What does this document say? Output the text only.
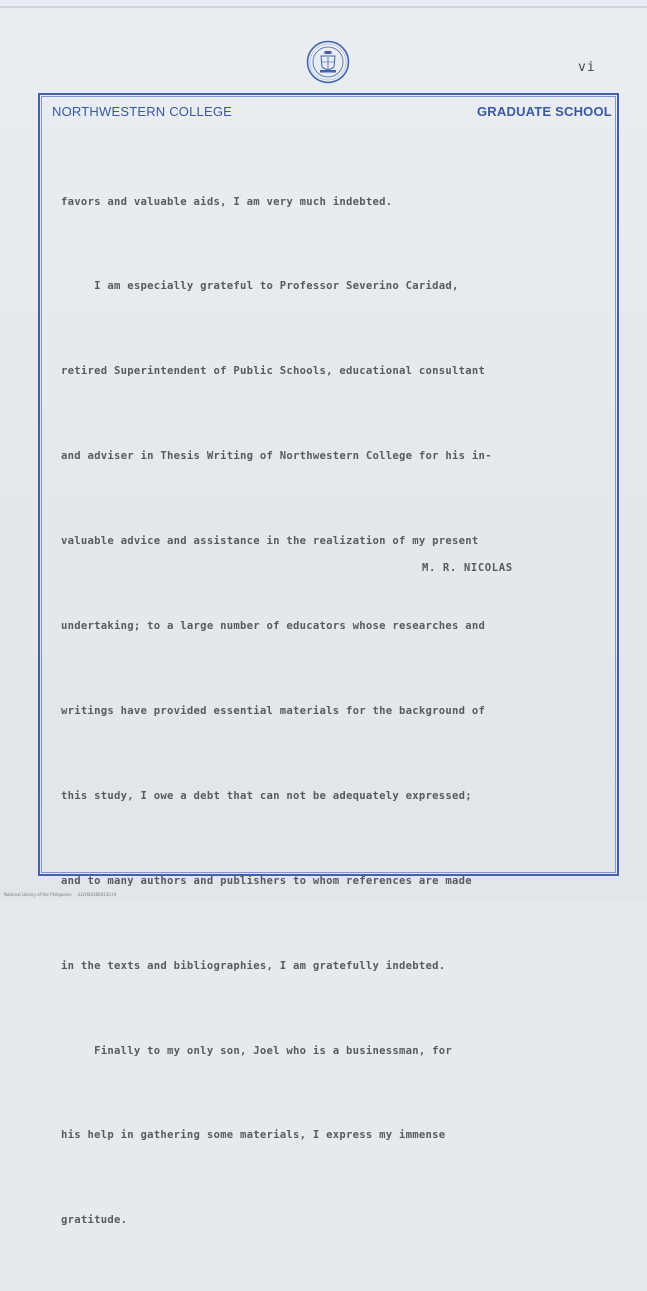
vi
NORTHWESTERN COLLEGE	GRADUATE SCHOOL

favors and valuable aids, I am very much indebted.

I am especially grateful to Professor Severino Caridad,

retired Superintendent of Public Schools, educational consultant

and adviser in Thesis Writing of Northwestern College for his in-

valuable advice and assistance in the realization of my present

undertaking; to a large number of educators whose researches and

writings have provided essential materials for the background of

this study, I owe a debt that can not be adequately expressed;

and to many authors and publishers to whom references are made

in the texts and bibliographies, I am gratefully indebted.

Finally to my only son, Joel who is a businessman, for

his help in gathering some materials, I express my immense

gratitude.

M. R. NICOLAS
National Library of the Philippines  ·  ELIVIS01864110.tif
